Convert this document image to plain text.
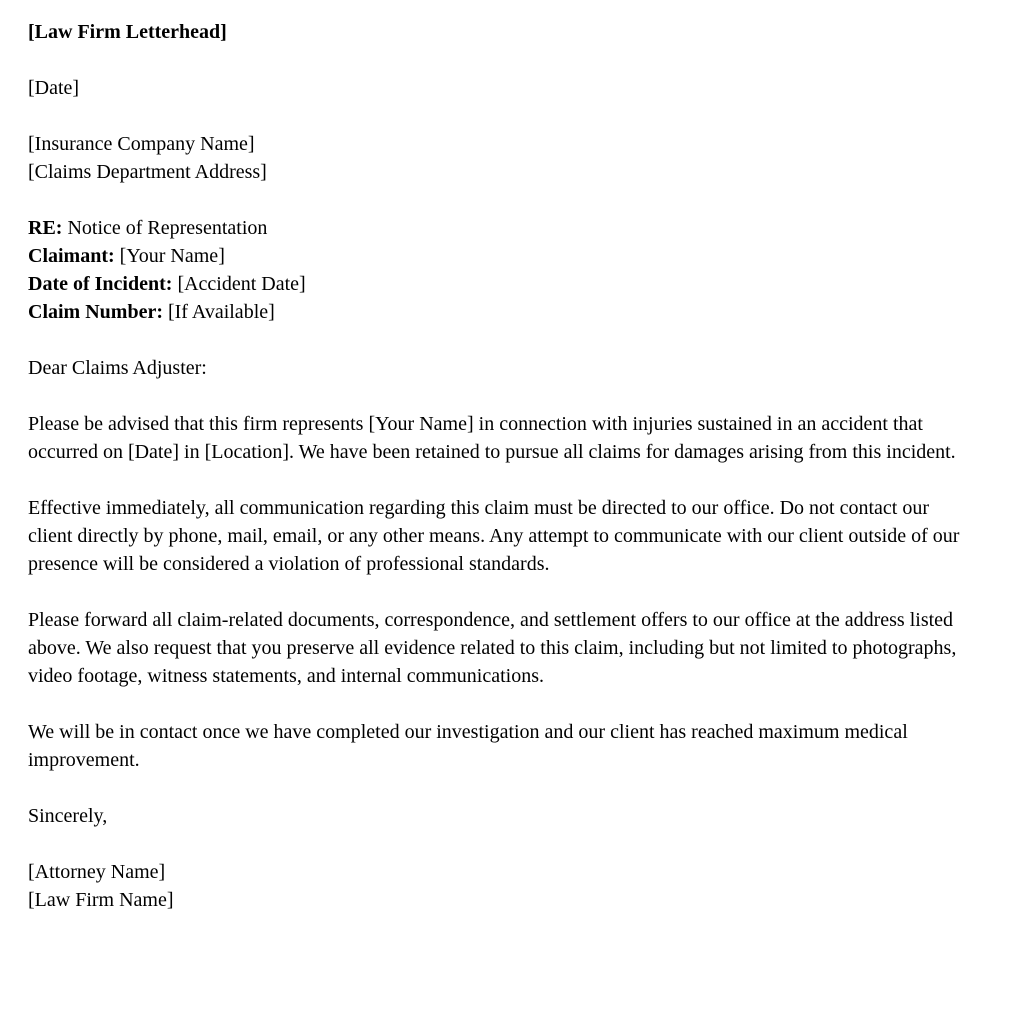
[Law Firm Letterhead]
[Date]
[Insurance Company Name]
[Claims Department Address]
RE: Notice of Representation
Claimant: [Your Name]
Date of Incident: [Accident Date]
Claim Number: [If Available]
Dear Claims Adjuster:

Please be advised that this firm represents [Your Name] in connection with injuries sustained in an accident that occurred on [Date] in [Location]. We have been retained to pursue all claims for damages arising from this incident.

Effective immediately, all communication regarding this claim must be directed to our office. Do not contact our client directly by phone, mail, email, or any other means. Any attempt to communicate with our client outside of our presence will be considered a violation of professional standards.

Please forward all claim-related documents, correspondence, and settlement offers to our office at the address listed above. We also request that you preserve all evidence related to this claim, including but not limited to photographs, video footage, witness statements, and internal communications.

We will be in contact once we have completed our investigation and our client has reached maximum medical improvement.

Sincerely,
[Attorney Name]
[Law Firm Name]
